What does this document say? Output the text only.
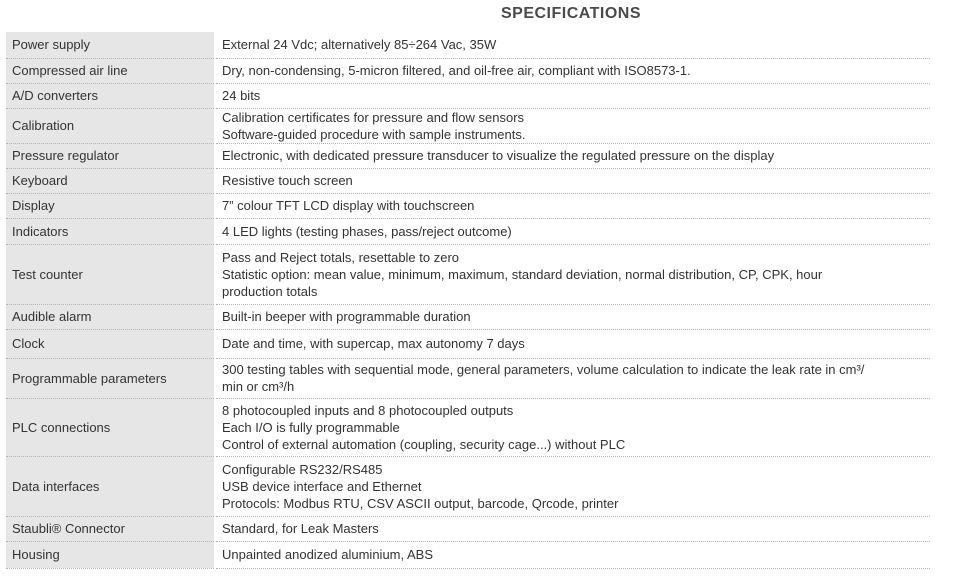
SPECIFICATIONS
Power supply	External 24 Vdc; alternatively 85÷264 Vac, 35W

Compressed air line	Dry, non-condensing, 5-micron filtered, and oil-free air, compliant with ISO8573-1.

A/D converters	24 bits

Calibration	Calibration certificates for pressure and flow sensors
Software-guided procedure with sample instruments.

Pressure regulator	Electronic, with dedicated pressure transducer to visualize the regulated pressure on the display

Keyboard	Resistive touch screen

Display	7” colour TFT LCD display with touchscreen

Indicators	4 LED lights (testing phases, pass/reject outcome)

Test counter	Pass and Reject totals, resettable to zero
Statistic option: mean value, minimum, maximum, standard deviation, normal distribution, CP, CPK, hour
production totals

Audible alarm	Built-in beeper with programmable duration

Clock	Date and time, with supercap, max autonomy 7 days

Programmable parameters	300 testing tables with sequential mode, general parameters, volume calculation to indicate the leak rate in cm³/
min or cm³/h

PLC connections	8 photocoupled inputs and 8 photocoupled outputs
Each I/O is fully programmable
Control of external automation (coupling, security cage...) without PLC

Data interfaces	Configurable RS232/RS485
USB device interface and Ethernet
Protocols: Modbus RTU, CSV ASCII output, barcode, Qrcode, printer

Staubli® Connector	Standard, for Leak Masters

Housing	Unpainted anodized aluminium, ABS
